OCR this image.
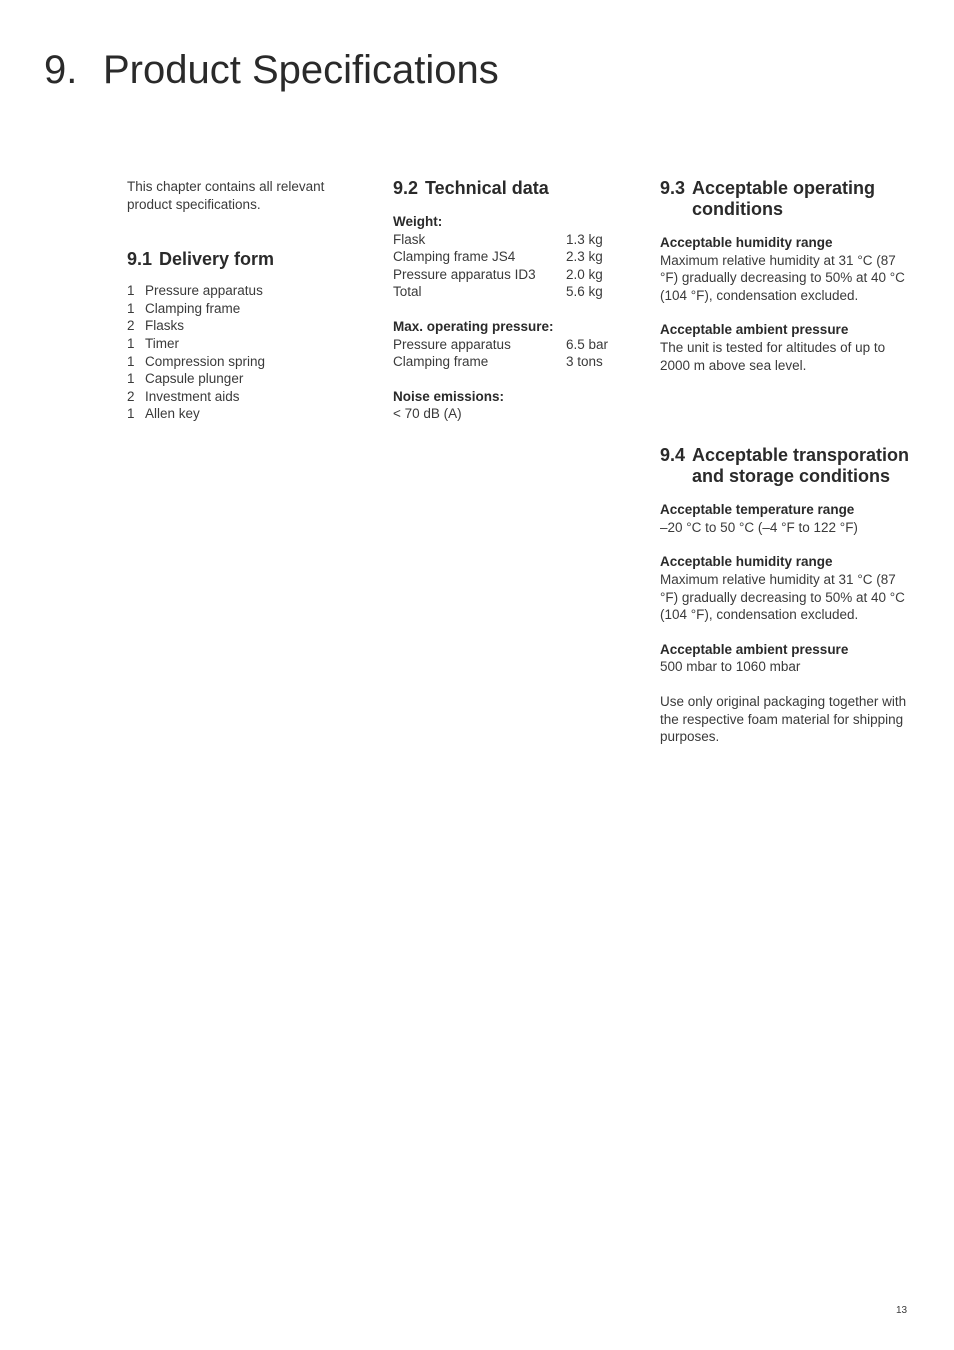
9. Product Specifications

This chapter contains all relevant product specifications.

9.1 Delivery form
1 Pressure apparatus
1 Clamping frame
2 Flasks
1 Timer
1 Compression spring
1 Capsule plunger
2 Investment aids
1 Allen key
9.2 Technical data

Weight:

Flask	1.3 kg
Clamping frame JS4	2.3 kg
Pressure apparatus ID3	2.0 kg
Total	5.6 kg

Max. operating pressure:

Pressure apparatus	6.5 bar
Clamping frame	3 tons

Noise emissions:

< 70 dB (A)

9.3 Acceptable operating
conditions

Acceptable humidity range

Maximum relative humidity at 31 °C (87 °F) gradually decreasing to 50% at 40 °C (104 °F), condensation excluded.

Acceptable ambient pressure

The unit is tested for altitudes of up to 2000 m above sea level.

9.4 Acceptable transporation
and storage conditions

Acceptable temperature range

–20 °C to 50 °C (–4 °F to 122 °F)

Acceptable humidity range

Maximum relative humidity at 31 °C (87 °F) gradually decreasing to 50% at 40 °C (104 °F), condensation excluded.

Acceptable ambient pressure

500 mbar to 1060 mbar

Use only original packaging together with the respective foam material for shipping purposes.

13
